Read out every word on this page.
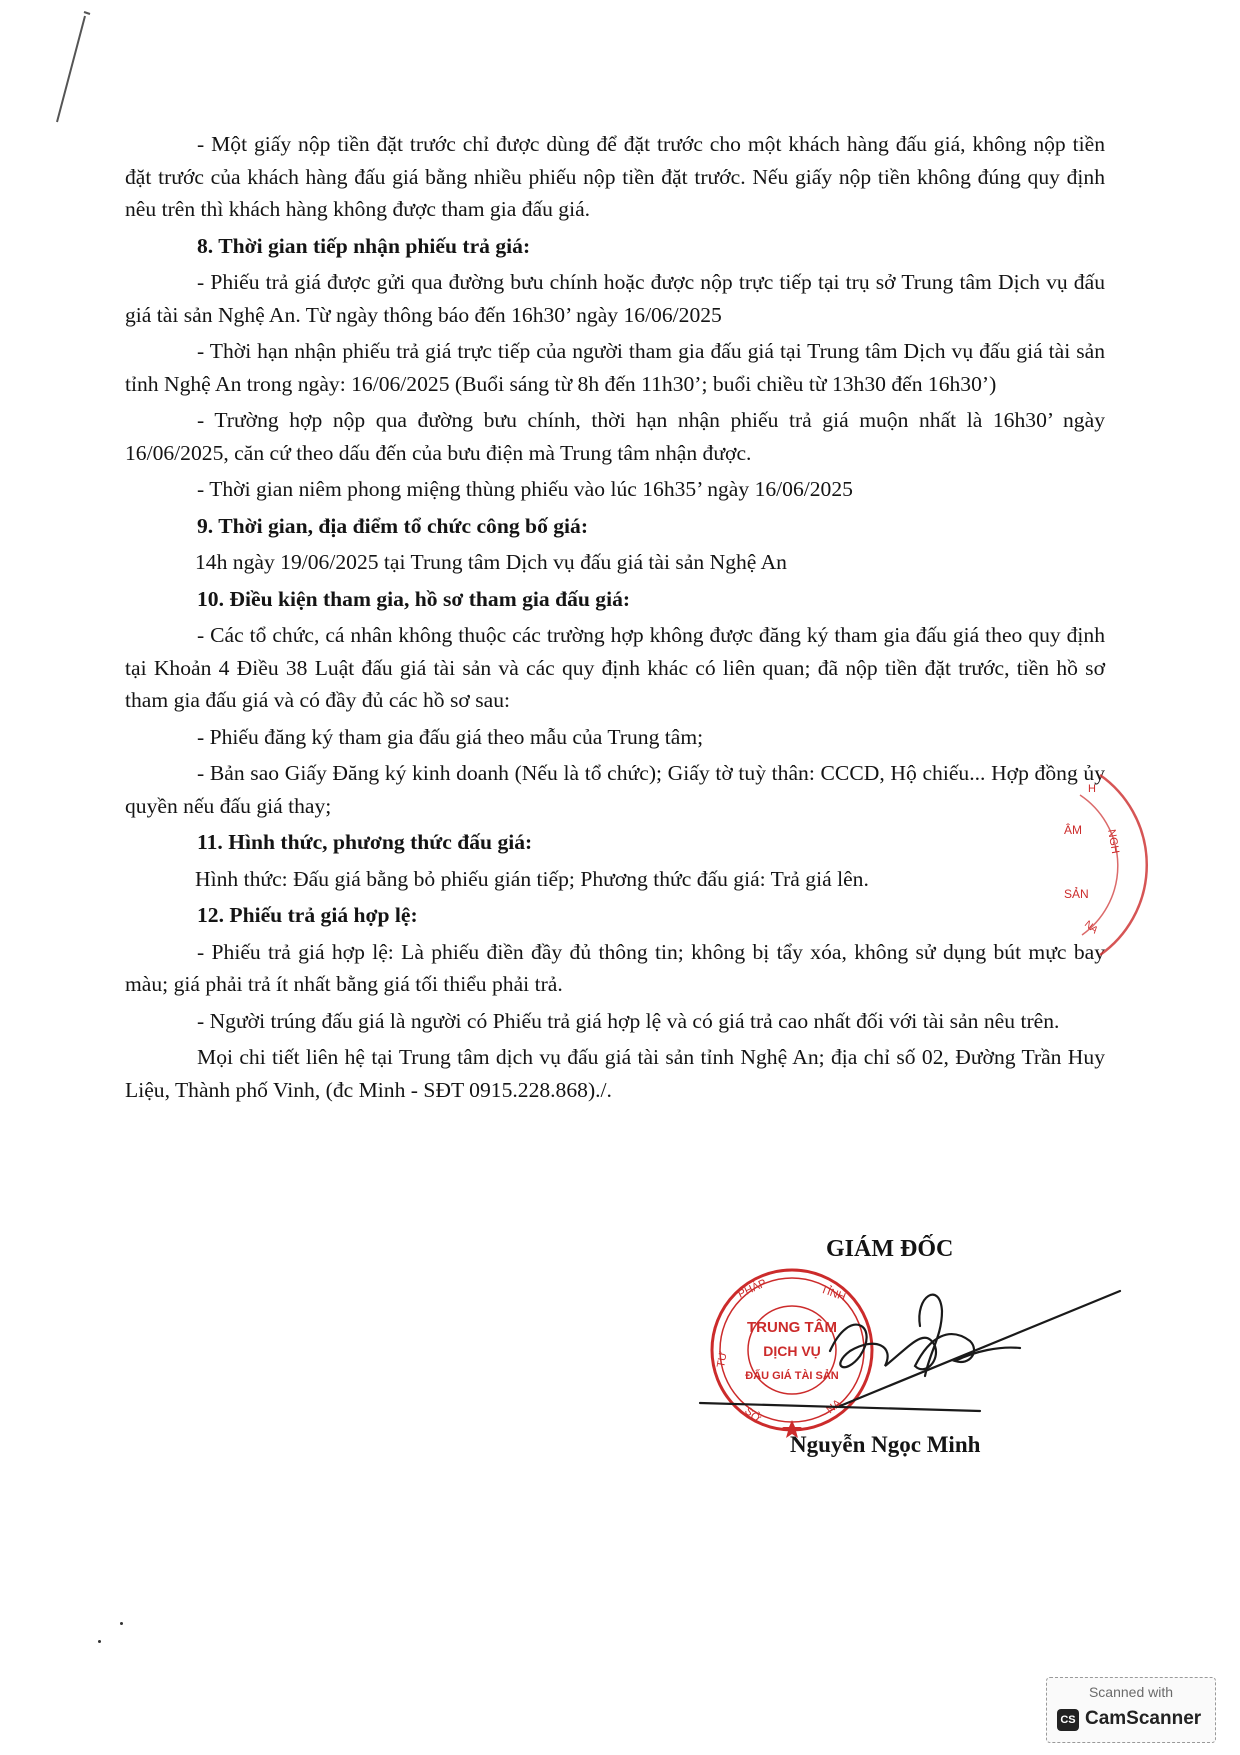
- Một giấy nộp tiền đặt trước chỉ được dùng để đặt trước cho một khách hàng đấu giá, không nộp tiền đặt trước của khách hàng đấu giá bằng nhiều phiếu nộp tiền đặt trước. Nếu giấy nộp tiền không đúng quy định nêu trên thì khách hàng không được tham gia đấu giá.

8. Thời gian tiếp nhận phiếu trả giá:

- Phiếu trả giá được gửi qua đường bưu chính hoặc được nộp trực tiếp tại trụ sở Trung tâm Dịch vụ đấu giá tài sản Nghệ An. Từ ngày thông báo đến 16h30’ ngày 16/06/2025

- Thời hạn nhận phiếu trả giá trực tiếp của người tham gia đấu giá tại Trung tâm Dịch vụ đấu giá tài sản tỉnh Nghệ An trong ngày: 16/06/2025 (Buổi sáng từ 8h đến 11h30’; buổi chiều từ 13h30 đến 16h30’)

- Trường hợp nộp qua đường bưu chính, thời hạn nhận phiếu trả giá muộn nhất là 16h30’ ngày 16/06/2025, căn cứ theo dấu đến của bưu điện mà Trung tâm nhận được.

- Thời gian niêm phong miệng thùng phiếu vào lúc 16h35’ ngày 16/06/2025

9. Thời gian, địa điểm tổ chức công bố giá:

14h ngày 19/06/2025 tại Trung tâm Dịch vụ đấu giá tài sản Nghệ An

10. Điều kiện tham gia, hồ sơ tham gia đấu giá:

- Các tổ chức, cá nhân không thuộc các trường hợp không được đăng ký tham gia đấu giá theo quy định tại Khoản 4 Điều 38 Luật đấu giá tài sản và các quy định khác có liên quan; đã nộp tiền đặt trước, tiền hồ sơ tham gia đấu giá và có đầy đủ các hồ sơ sau:

- Phiếu đăng ký tham gia đấu giá theo mẫu của Trung tâm;

- Bản sao Giấy Đăng ký kinh doanh (Nếu là tổ chức); Giấy tờ tuỳ thân: CCCD, Hộ chiếu... Hợp đồng ủy quyền nếu đấu giá thay;

11. Hình thức, phương thức đấu giá:

Hình thức: Đấu giá bằng bỏ phiếu gián tiếp; Phương thức đấu giá: Trả giá lên.

12. Phiếu trả giá hợp lệ:

- Phiếu trả giá hợp lệ: Là phiếu điền đầy đủ thông tin; không bị tẩy xóa, không sử dụng bút mực bay màu; giá phải trả ít nhất bằng giá tối thiểu phải trả.

- Người trúng đấu giá là người có Phiếu trả giá hợp lệ và có giá trả cao nhất đối với tài sản nêu trên.

Mọi chi tiết liên hệ tại Trung tâm dịch vụ đấu giá tài sản tỉnh Nghệ An; địa chỉ số 02, Đường Trần Huy Liệu, Thành phố Vinh, (đc Minh - SĐT 0915.228.868)./.

H
NGH
ÂM
SẢN
NA
GIÁM ĐỐC
PHÁP	TỈNH
TƯ
SỞ	NA
TRUNG TÂM
DỊCH VỤ
ĐẤU GIÁ TÀI SẢN
Nguyễn Ngọc Minh
Scanned with
CS CamScanner
